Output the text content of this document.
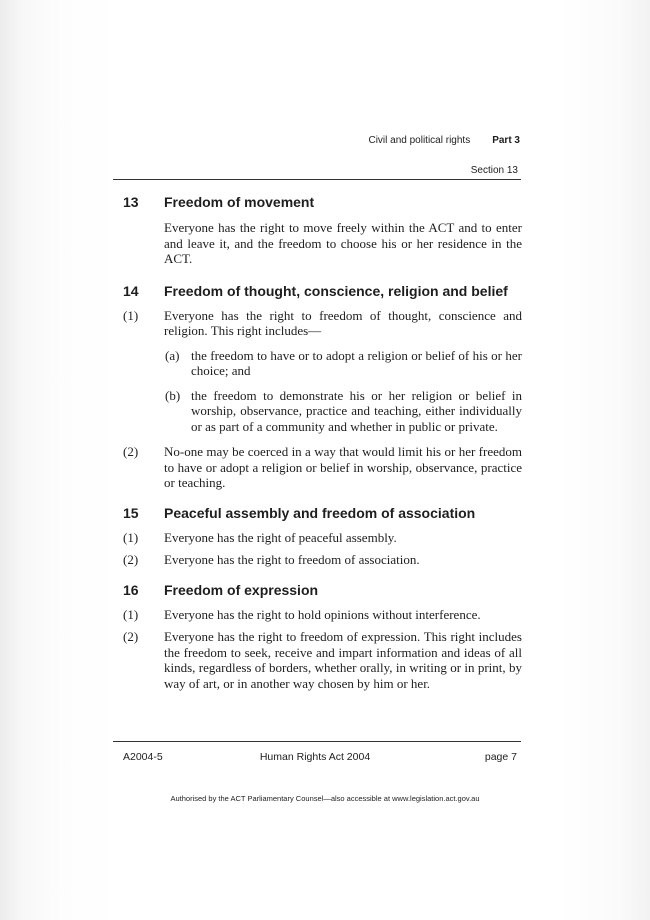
Civil and political rights Part 3
Section 13
13 Freedom of movement
Everyone has the right to move freely within the ACT and to enter and leave it, and the freedom to choose his or her residence in the ACT.
14 Freedom of thought, conscience, religion and belief
(1) Everyone has the right to freedom of thought, conscience and religion. This right includes—
(a) the freedom to have or to adopt a religion or belief of his or her choice; and
(b) the freedom to demonstrate his or her religion or belief in worship, observance, practice and teaching, either individually or as part of a community and whether in public or private.
(2) No-one may be coerced in a way that would limit his or her freedom to have or adopt a religion or belief in worship, observance, practice or teaching.
15 Peaceful assembly and freedom of association
(1) Everyone has the right of peaceful assembly.
(2) Everyone has the right to freedom of association.
16 Freedom of expression
(1) Everyone has the right to hold opinions without interference.
(2) Everyone has the right to freedom of expression. This right includes the freedom to seek, receive and impart information and ideas of all kinds, regardless of borders, whether orally, in writing or in print, by way of art, or in another way chosen by him or her.
A2004-5	Human Rights Act 2004	page 7
Authorised by the ACT Parliamentary Counsel—also accessible at www.legislation.act.gov.au
